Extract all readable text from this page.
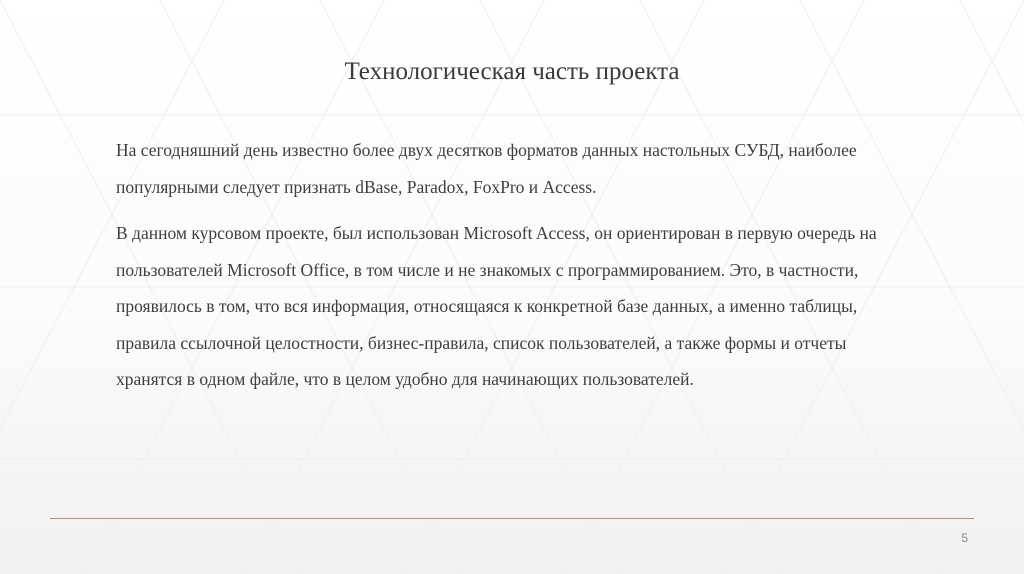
Технологическая часть проекта

На сегодняшний день известно более двух десятков форматов данных настольных СУБД, наиболее популярными следует признать dBase, Paradox, FoxPro и Access.

В данном курсовом проекте, был использован Microsoft Access, он ориентирован в первую очередь на пользователей Microsoft Office, в том числе и не знакомых с программированием. Это, в частности, проявилось в том, что вся информация, относящаяся к конкретной базе данных, а именно таблицы, правила ссылочной целостности, бизнес-правила, список пользователей, а также формы и отчеты хранятся в одном файле, что в целом удобно для начинающих пользователей.

5
